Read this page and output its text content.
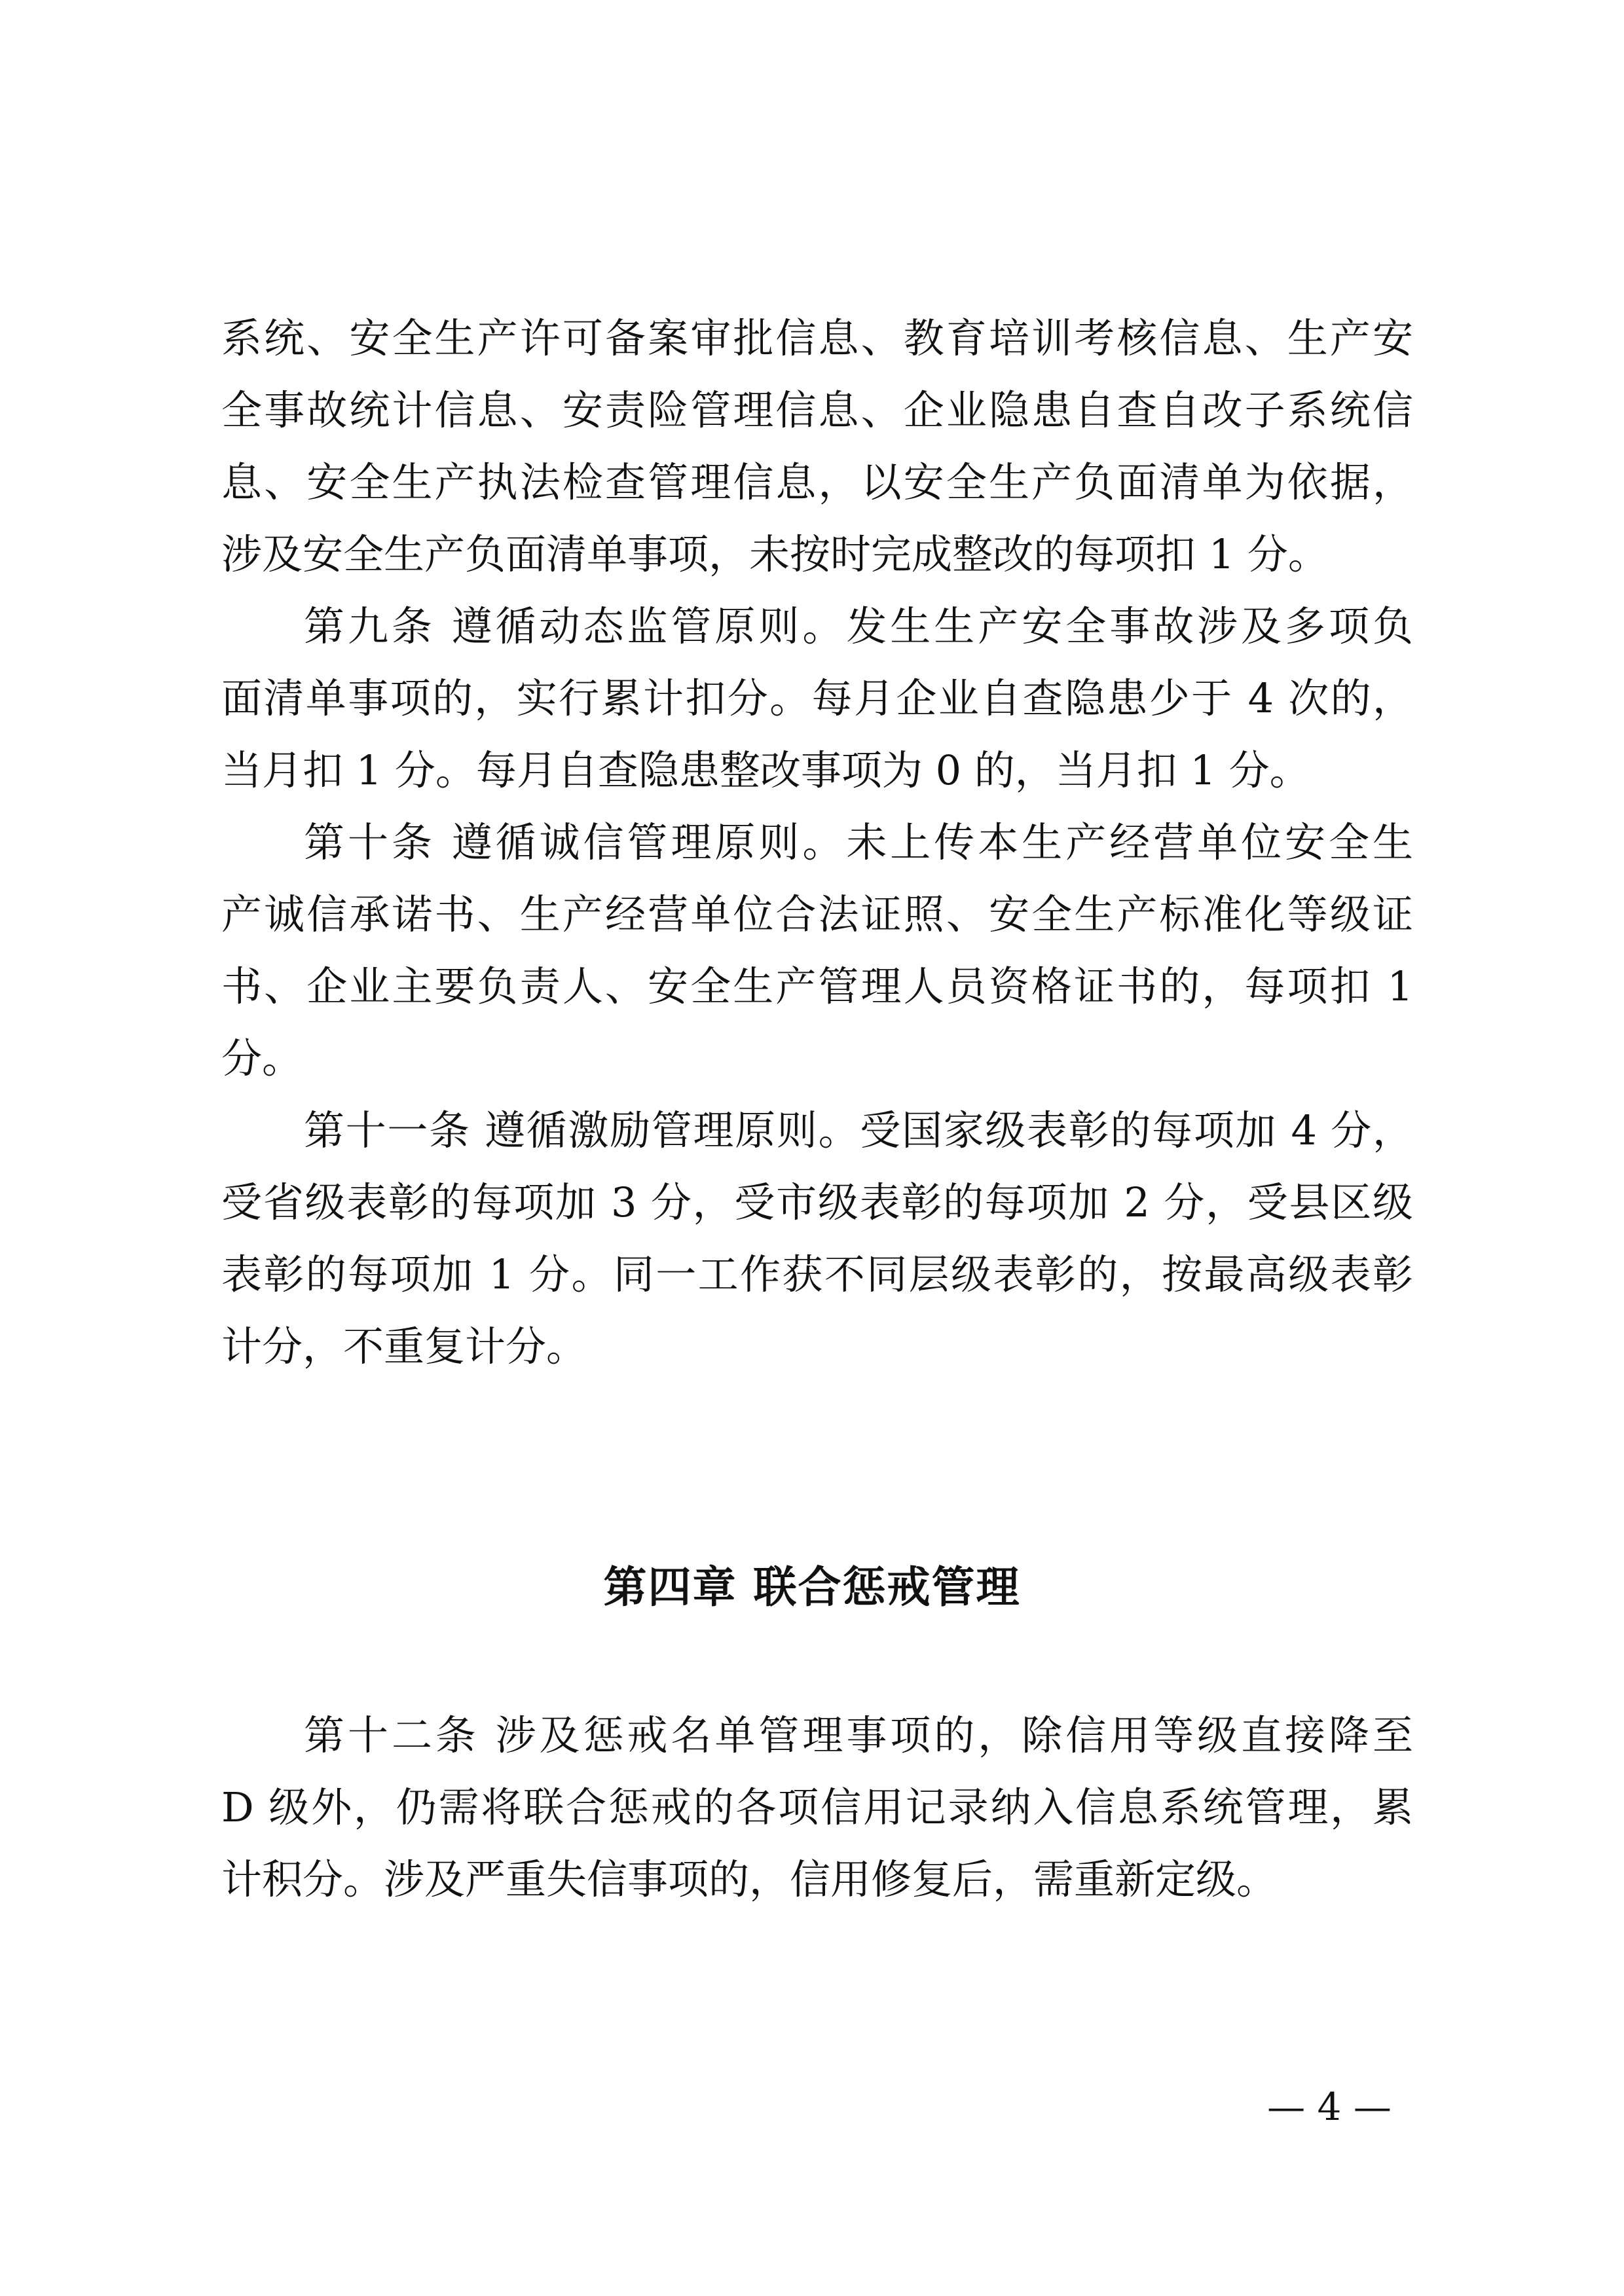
系统、安全生产许可备案审批信息、教育培训考核信息、生产安
全事故统计信息、安责险管理信息、企业隐患自查自改子系统信
息、安全生产执法检查管理信息，以安全生产负面清单为依据，
涉及安全生产负面清单事项，未按时完成整改的每项扣 1 分。
第九条 遵循动态监管原则。发生生产安全事故涉及多项负
面清单事项的，实行累计扣分。每月企业自查隐患少于 4 次的，
当月扣 1 分。每月自查隐患整改事项为 0 的，当月扣 1 分。
第十条 遵循诚信管理原则。未上传本生产经营单位安全生
产诚信承诺书、生产经营单位合法证照、安全生产标准化等级证
书、企业主要负责人、安全生产管理人员资格证书的，每项扣 1
分。
第十一条 遵循激励管理原则。受国家级表彰的每项加 4 分，
受省级表彰的每项加 3 分，受市级表彰的每项加 2 分，受县区级
表彰的每项加 1 分。同一工作获不同层级表彰的，按最高级表彰
计分，不重复计分。
第四章 联合惩戒管理
第十二条 涉及惩戒名单管理事项的，除信用等级直接降至
D 级外，仍需将联合惩戒的各项信用记录纳入信息系统管理，累
计积分。涉及严重失信事项的，信用修复后，需重新定级。
— 4 —
